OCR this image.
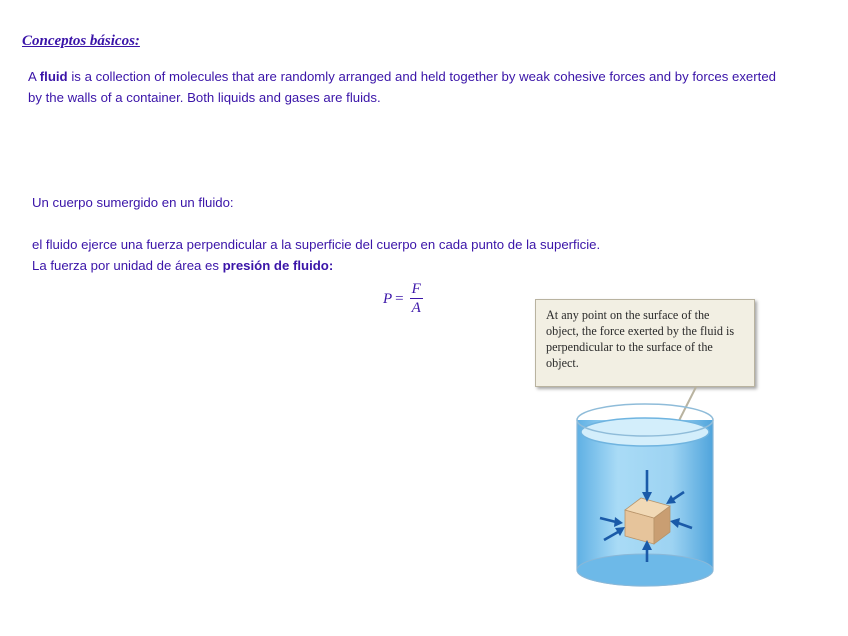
Conceptos básicos:
A fluid is a collection of molecules that are randomly arranged and held together by weak cohesive forces and by forces exerted by the walls of a container. Both liquids and gases are fluids.
Un cuerpo sumergido en un fluido:
el fluido ejerce una fuerza perpendicular a la superficie del cuerpo en cada punto de la superficie.
La fuerza por unidad de área es presión de fluido:
$P = \frac{F}{A}$	At any point on the surface of the object, the force exerted by the fluid is perpendicular to the surface of the object.
